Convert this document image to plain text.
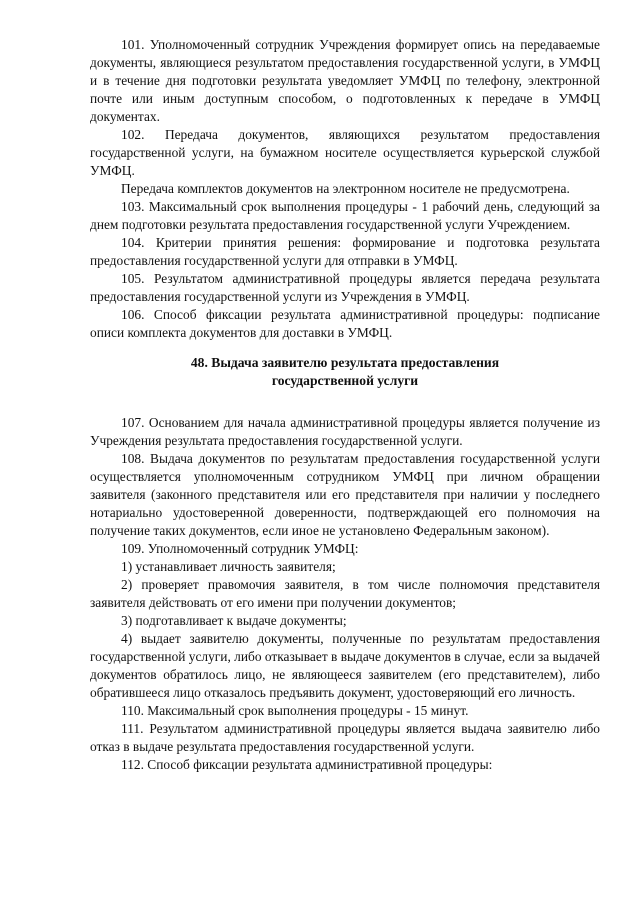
101. Уполномоченный сотрудник Учреждения формирует опись на передаваемые документы, являющиеся результатом предоставления государственной услуги, в УМФЦ и в течение дня подготовки результата уведомляет УМФЦ по телефону, электронной почте или иным доступным способом, о подготовленных к передаче в УМФЦ документах.

102. Передача документов, являющихся результатом предоставления государственной услуги, на бумажном носителе осуществляется курьерской службой УМФЦ.

Передача комплектов документов на электронном носителе не предусмотрена.

103. Максимальный срок выполнения процедуры - 1 рабочий день, следующий за днем подготовки результата предоставления государственной услуги Учреждением.

104. Критерии принятия решения: формирование и подготовка результата предоставления государственной услуги для отправки в УМФЦ.

105. Результатом административной процедуры является передача результата предоставления государственной услуги из Учреждения в УМФЦ.

106. Способ фиксации результата административной процедуры: подписание описи комплекта документов для доставки в УМФЦ.

48. Выдача заявителю результата предоставления
государственной услуги

107. Основанием для начала административной процедуры является получение из Учреждения результата предоставления государственной услуги.

108. Выдача документов по результатам предоставления государственной услуги осуществляется уполномоченным сотрудником УМФЦ при личном обращении заявителя (законного представителя или его представителя при наличии у последнего нотариально удостоверенной доверенности, подтверждающей его полномочия на получение таких документов, если иное не установлено Федеральным законом).

109. Уполномоченный сотрудник УМФЦ:

1) устанавливает личность заявителя;

2) проверяет правомочия заявителя, в том числе полномочия представителя заявителя действовать от его имени при получении документов;

3) подготавливает к выдаче документы;

4) выдает заявителю документы, полученные по результатам предоставления государственной услуги, либо отказывает в выдаче документов в случае, если за выдачей документов обратилось лицо, не являющееся заявителем (его представителем), либо обратившееся лицо отказалось предъявить документ, удостоверяющий его личность.

110. Максимальный срок выполнения процедуры - 15 минут.

111. Результатом административной процедуры является выдача заявителю либо отказ в выдаче результата предоставления государственной услуги.

112. Способ фиксации результата административной процедуры:
